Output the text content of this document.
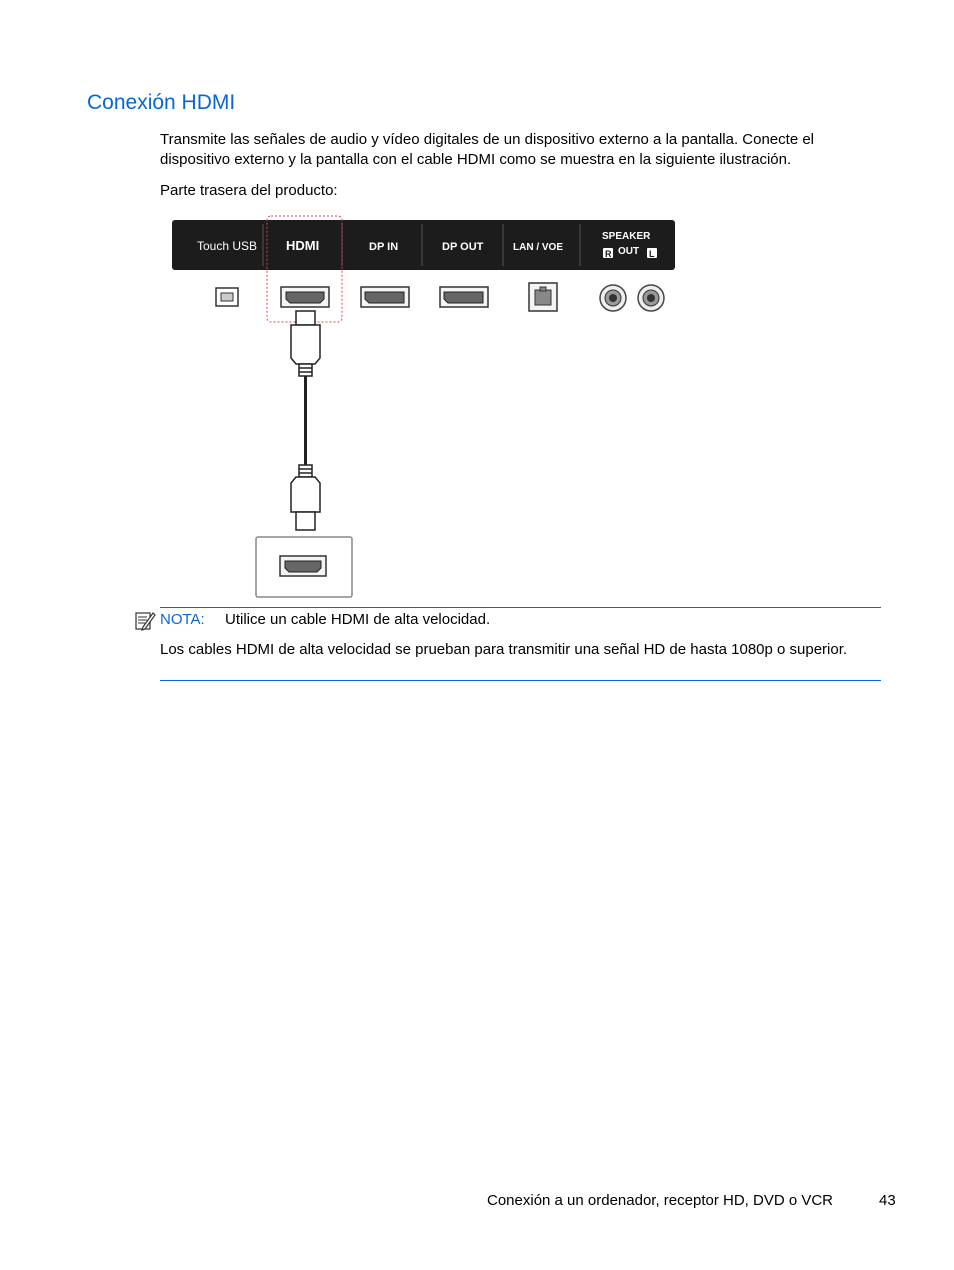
Conexión HDMI

Transmite las señales de audio y vídeo digitales de un dispositivo externo a la pantalla. Conecte el dispositivo externo y la pantalla con el cable HDMI como se muestra en la siguiente ilustración.

Parte trasera del producto:

Touch USB HDMI	DP IN	DP OUT	LAN / VOE
SPEAKER
R OUT L
NOTA: Utilice un cable HDMI de alta velocidad.

Los cables HDMI de alta velocidad se prueban para transmitir una señal HD de hasta 1080p o superior.

Conexión a un ordenador, receptor HD, DVD o VCR	43
